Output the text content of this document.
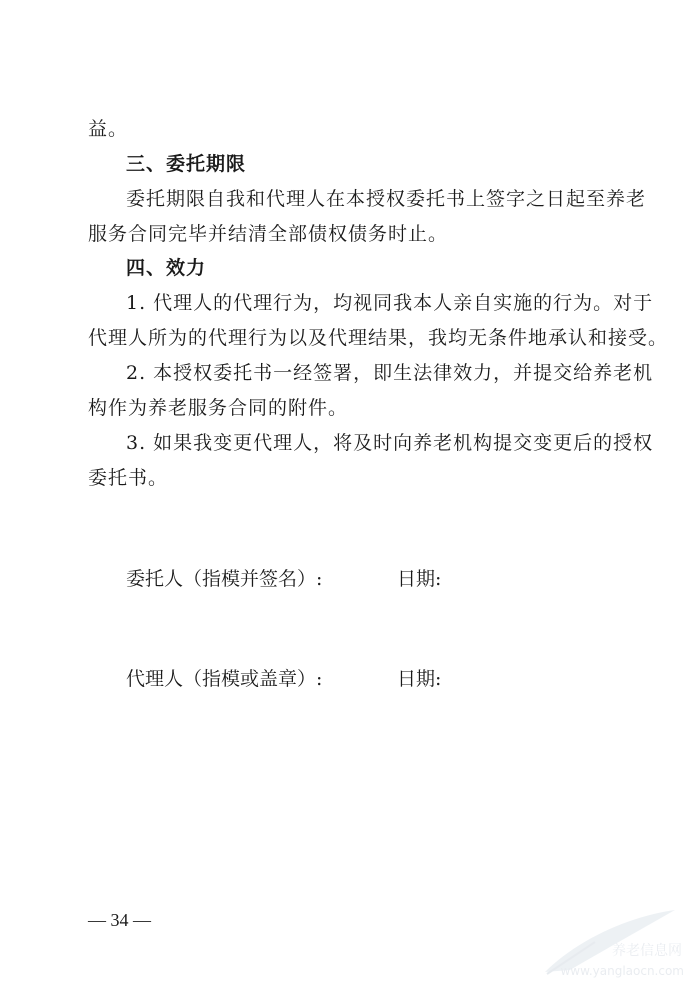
益。
三、委托期限
委托期限自我和代理人在本授权委托书上签字之日起至养老
服务合同完毕并结清全部债权债务时止。
四、效力
1. 代理人的代理行为，均视同我本人亲自实施的行为。对于
代理人所为的代理行为以及代理结果，我均无条件地承认和接受。
2. 本授权委托书一经签署，即生法律效力，并提交给养老机
构作为养老服务合同的附件。
3. 如果我变更代理人，将及时向养老机构提交变更后的授权
委托书。
委托人（指模并签名）:	日期:
代理人（指模或盖章）:	日期:
— 34 —
养老信息网
www.yanglaocn.com
